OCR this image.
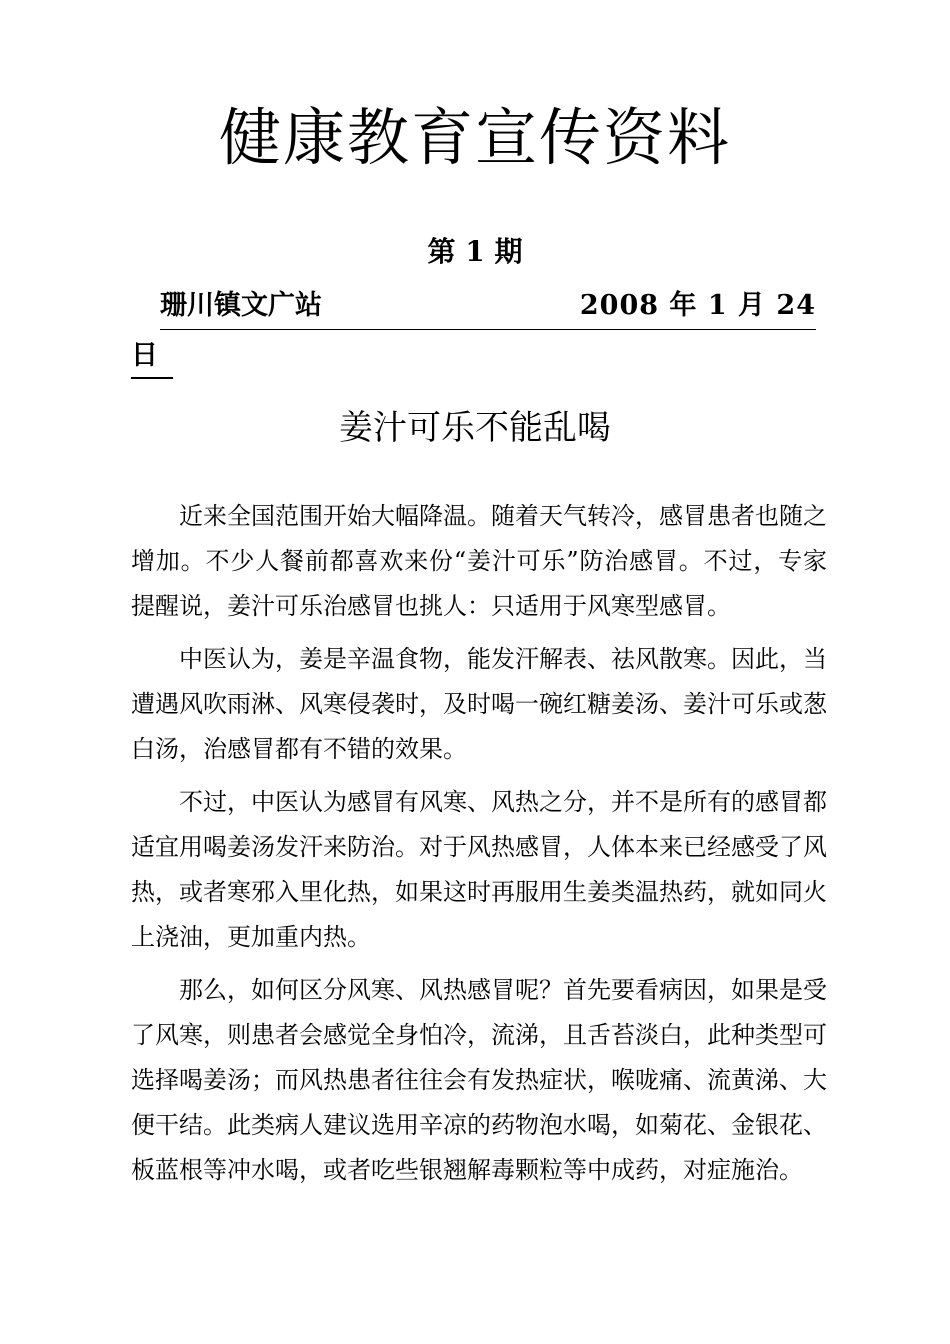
健康教育宣传资料
第 1 期
珊川镇文广站	2008 年 1 月 24
日
姜汁可乐不能乱喝

近来全国范围开始大幅降温。随着天气转冷，感冒患者也随之增加。不少人餐前都喜欢来份“姜汁可乐”防治感冒。不过，专家提醒说，姜汁可乐治感冒也挑人：只适用于风寒型感冒。

中医认为，姜是辛温食物，能发汗解表、祛风散寒。因此，当遭遇风吹雨淋、风寒侵袭时，及时喝一碗红糖姜汤、姜汁可乐或葱白汤，治感冒都有不错的效果。

不过，中医认为感冒有风寒、风热之分，并不是所有的感冒都适宜用喝姜汤发汗来防治。对于风热感冒，人体本来已经感受了风热，或者寒邪入里化热，如果这时再服用生姜类温热药，就如同火上浇油，更加重内热。

那么，如何区分风寒、风热感冒呢？首先要看病因，如果是受了风寒，则患者会感觉全身怕冷，流涕，且舌苔淡白，此种类型可选择喝姜汤；而风热患者往往会有发热症状，喉咙痛、流黄涕、大便干结。此类病人建议选用辛凉的药物泡水喝，如菊花、金银花、板蓝根等冲水喝，或者吃些银翘解毒颗粒等中成药，对症施治。
